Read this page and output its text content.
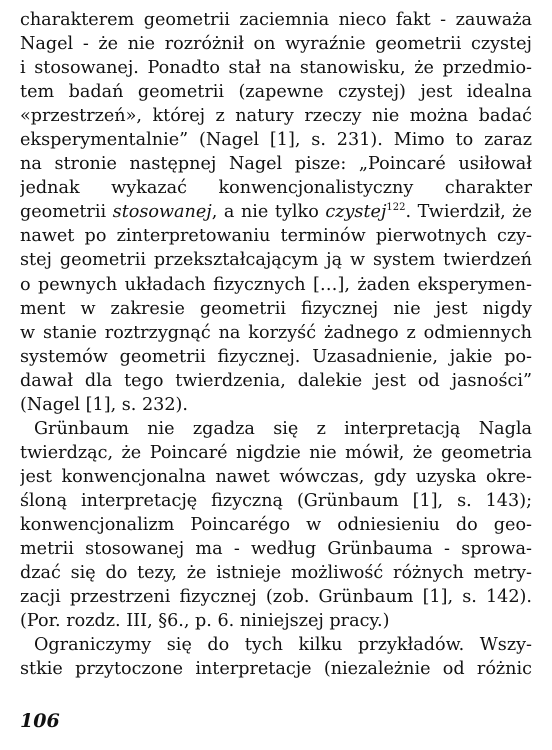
charakterem geometrii zaciemnia nieco fakt - zauważa
Nagel - że nie rozróżnił on wyraźnie geometrii czystej
i stosowanej. Ponadto stał na stanowisku, że przedmio-
tem badań geometrii (zapewne czystej) jest idealna
«przestrzeń», której z natury rzeczy nie można badać
eksperymentalnie” (Nagel [1], s. 231). Mimo to zaraz
na stronie następnej Nagel pisze: „Poincaré usiłował
jednak wykazać konwencjonalistyczny charakter
geometrii stosowanej, a nie tylko czystej$^{122}$. Twierdził, że
nawet po zinterpretowaniu terminów pierwotnych czy-
stej geometrii przekształcającym ją w system twierdzeń
o pewnych układach fizycznych […], żaden eksperymen-
ment w zakresie geometrii fizycznej nie jest nigdy
w stanie roztrzygnąć na korzyść żadnego z odmiennych
systemów geometrii fizycznej. Uzasadnienie, jakie po-
dawał dla tego twierdzenia, dalekie jest od jasności”
(Nagel [1], s. 232).
Grünbaum nie zgadza się z interpretacją Nagla
twierdząc, że Poincaré nigdzie nie mówił, że geometria
jest konwencjonalna nawet wówczas, gdy uzyska okre-
śloną interpretację fizyczną (Grünbaum [1], s. 143);
konwencjonalizm Poincarégo w odniesieniu do geo-
metrii stosowanej ma - według Grünbauma - sprowa-
dzać się do tezy, że istnieje możliwość różnych metry-
zacji przestrzeni fizycznej (zob. Grünbaum [1], s. 142).
(Por. rozdz. III, §6., p. 6. niniejszej pracy.)
Ograniczymy się do tych kilku przykładów. Wszy-
stkie przytoczone interpretacje (niezależnie od różnic
106
